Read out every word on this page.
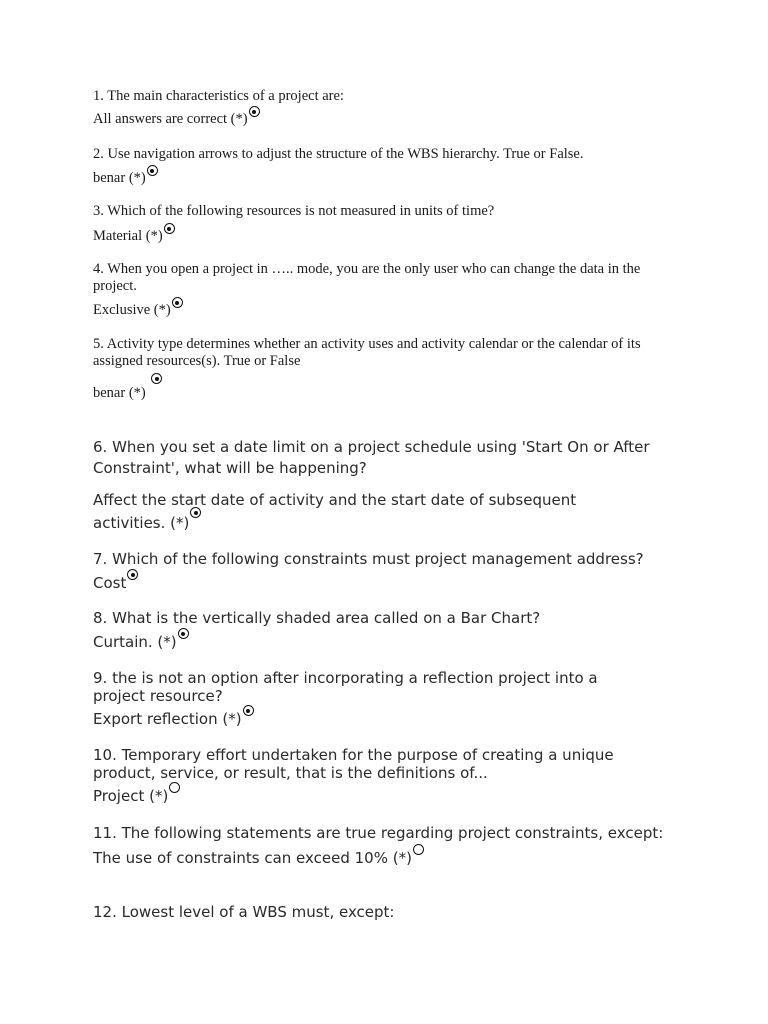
1. The main characteristics of a project are:

All answers are correct (*)

2. Use navigation arrows to adjust the structure of the WBS hierarchy. True or False.

benar (*)

3. Which of the following resources is not measured in units of time?

Material (*)

4. When you open a project in ….. mode, you are the only user who can change the data in the project.

Exclusive (*)

5. Activity type determines whether an activity uses and activity calendar or the calendar of its assigned resources(s). True or False

benar (*)

6. When you set a date limit on a project schedule using 'Start On or After Constraint', what will be happening?

Affect the start date of activity and the start date of subsequent activities. (*)

7. Which of the following constraints must project management address?

Cost

8. What is the vertically shaded area called on a Bar Chart?

Curtain. (*)

9. the is not an option after incorporating a reflection project into a project resource?

Export reflection (*)

10. Temporary effort undertaken for the purpose of creating a unique product, service, or result, that is the definitions of...

Project (*)

11. The following statements are true regarding project constraints, except:

The use of constraints can exceed 10% (*)

12. Lowest level of a WBS must, except:
